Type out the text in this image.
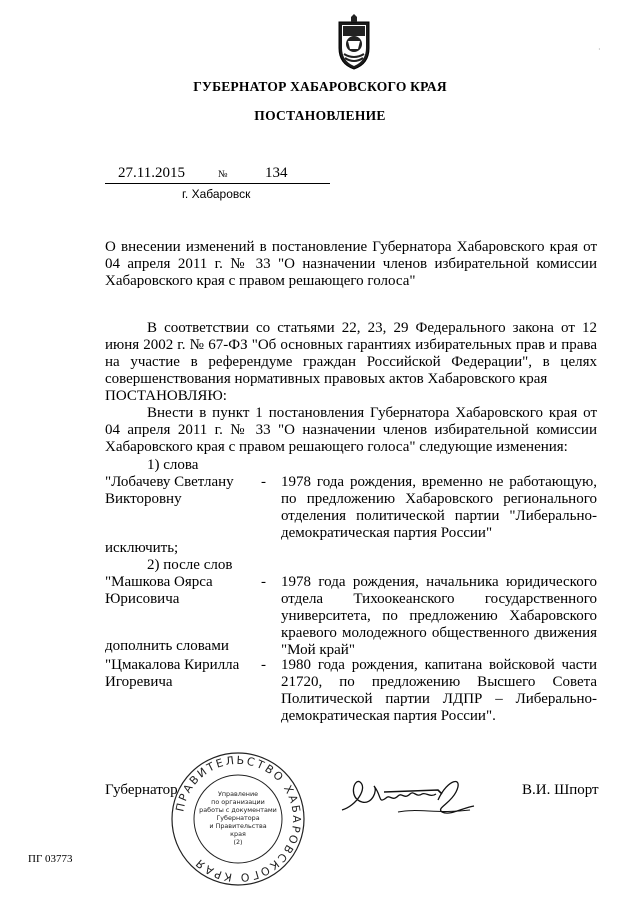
·
ГУБЕРНАТОР ХАБАРОВСКОГО КРАЯ
ПОСТАНОВЛЕНИЕ
27.11.2015	№ 134
г. Хабаровск
О внесении изменений в постановление Губернатора Хабаровского края от 04 апреля 2011 г. № 33 "О назначении членов избирательной комиссии Хабаровского края с правом решающего голоса"
В соответствии со статьями 22, 23, 29 Федерального закона от 12 июня 2002 г. № 67-ФЗ "Об основных гарантиях избирательных прав и права на участие в референдуме граждан Российской Федерации", в целях совершенствования нормативных правовых актов Хабаровского края
ПОСТАНОВЛЯЮ:
Внести в пункт 1 постановления Губернатора Хабаровского края от 04 апреля 2011 г. № 33 "О назначении членов избирательной комиссии Хабаровского края с правом решающего голоса" следующие изменения:
1) слова
"Лобачеву Светлану Викторовну
- 1978 года рождения, временно не работающую, по предложению Хабаровского регионального отделения политической партии "Либерально-демократическая партия России"
исключить;
2) после слов
"Машкова Оярса Юрисовича
- 1978 года рождения, начальника юридического отдела Тихоокеанского государственного университета, по предложению Хабаровского краевого молодежного общественного движения "Мой край"
дополнить словами
"Цмакалова Кирилла Игоревича
- 1980 года рождения, капитана войсковой части 21720, по предложению Высшего Совета Политической партии ЛДПР – Либерально-демократическая партия России".
Губернатор	В.И. Шпорт
ПРАВИТЕЛЬСТВО ХАБАРОВСКОГО КРАЯ
Управление
по организации
работы с документами
Губернатора
и Правительства
края
(2)
ПГ 03773
